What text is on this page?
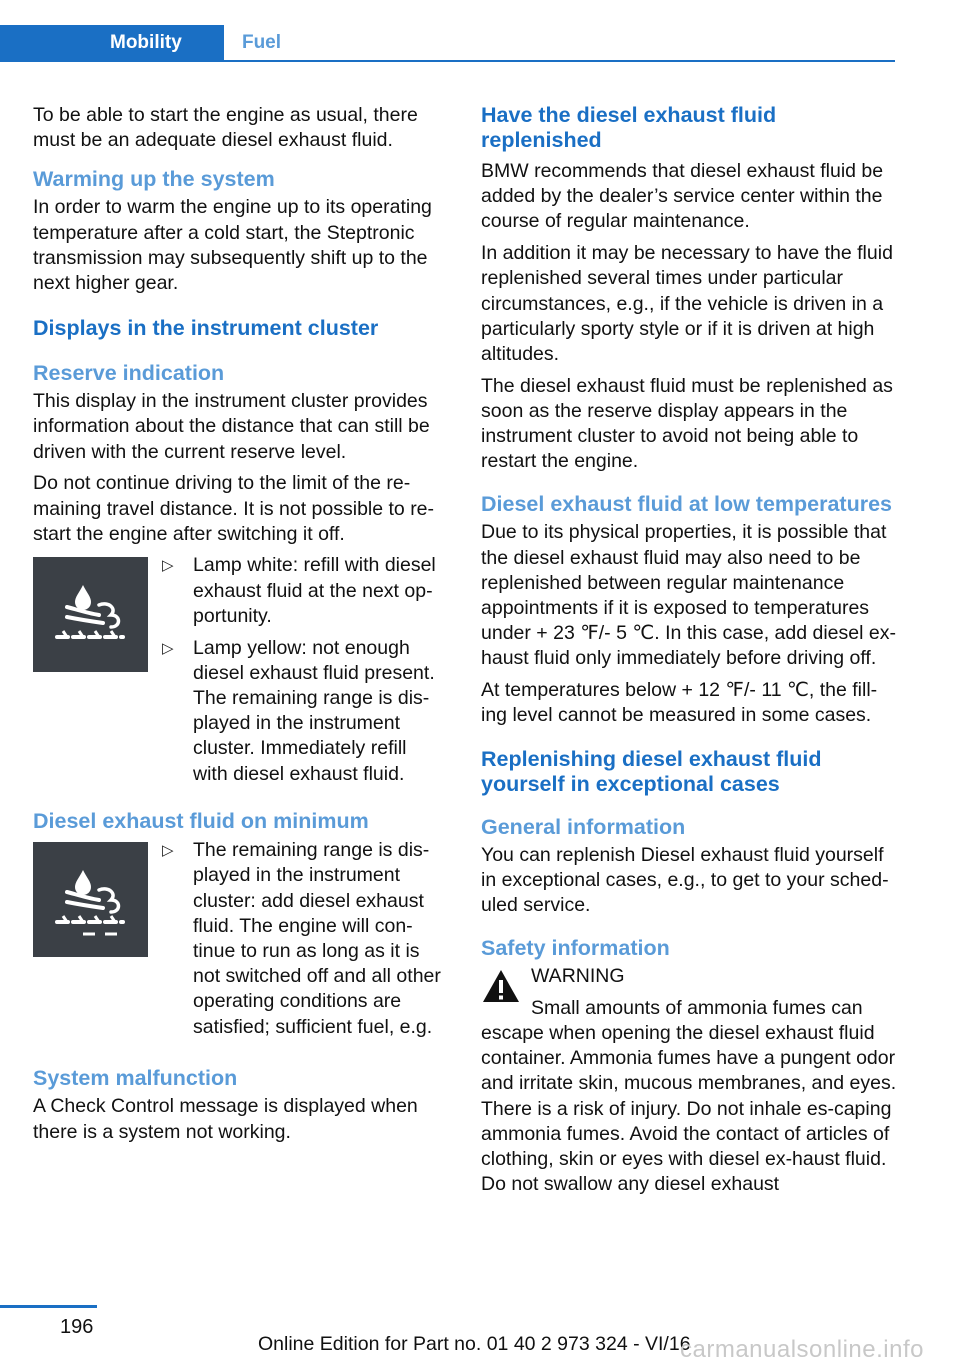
Mobility	Fuel

To be able to start the engine as usual, there must be an adequate diesel exhaust fluid.

Warming up the system

In order to warm the engine up to its operating temperature after a cold start, the Steptronic transmission may subsequently shift up to the next higher gear.

Displays in the instrument cluster
Reserve indication

This display in the instrument cluster provides information about the distance that can still be driven with the current reserve level.

Do not continue driving to the limit of the re-maining travel distance. It is not possible to re-start the engine after switching it off.

▷ Lamp white: refill with diesel exhaust fluid at the next op-portunity.
▷ Lamp yellow: not enough diesel exhaust fluid present. The remaining range is dis-played in the instrument cluster. Immediately refill with diesel exhaust fluid.
Diesel exhaust fluid on minimum
▷ The remaining range is dis-played in the instrument cluster: add diesel exhaust fluid. The engine will con-tinue to run as long as it is not switched off and all other operating conditions are satisfied; sufficient fuel, e.g.
System malfunction

A Check Control message is displayed when there is a system not working.

Have the diesel exhaust fluid replenished

BMW recommends that diesel exhaust fluid be added by the dealer’s service center within the course of regular maintenance.

In addition it may be necessary to have the fluid replenished several times under particular circumstances, e.g., if the vehicle is driven in a particularly sporty style or if it is driven at high altitudes.

The diesel exhaust fluid must be replenished as soon as the reserve display appears in the instrument cluster to avoid not being able to restart the engine.

Diesel exhaust fluid at low temperatures

Due to its physical properties, it is possible that the diesel exhaust fluid may also need to be replenished between regular maintenance appointments if it is exposed to temperatures under + 23 ℉/- 5 ℃. In this case, add diesel ex-haust fluid only immediately before driving off.

At temperatures below + 12 ℉/- 11 ℃, the fill-ing level cannot be measured in some cases.

Replenishing diesel exhaust fluid yourself in exceptional cases
General information

You can replenish Diesel exhaust fluid yourself in exceptional cases, e.g., to get to your sched-uled service.

Safety information
WARNING
Small amounts of ammonia fumes can escape when opening the diesel exhaust fluid container. Ammonia fumes have a pungent odor and irritate skin, mucous membranes, and eyes. There is a risk of injury. Do not inhale es-caping ammonia fumes. Avoid the contact of articles of clothing, skin or eyes with diesel ex-haust fluid. Do not swallow any diesel exhaust
196
Online Edition for Part no. 01 40 2 973 324 - VI/16
carmanualsonline.info
